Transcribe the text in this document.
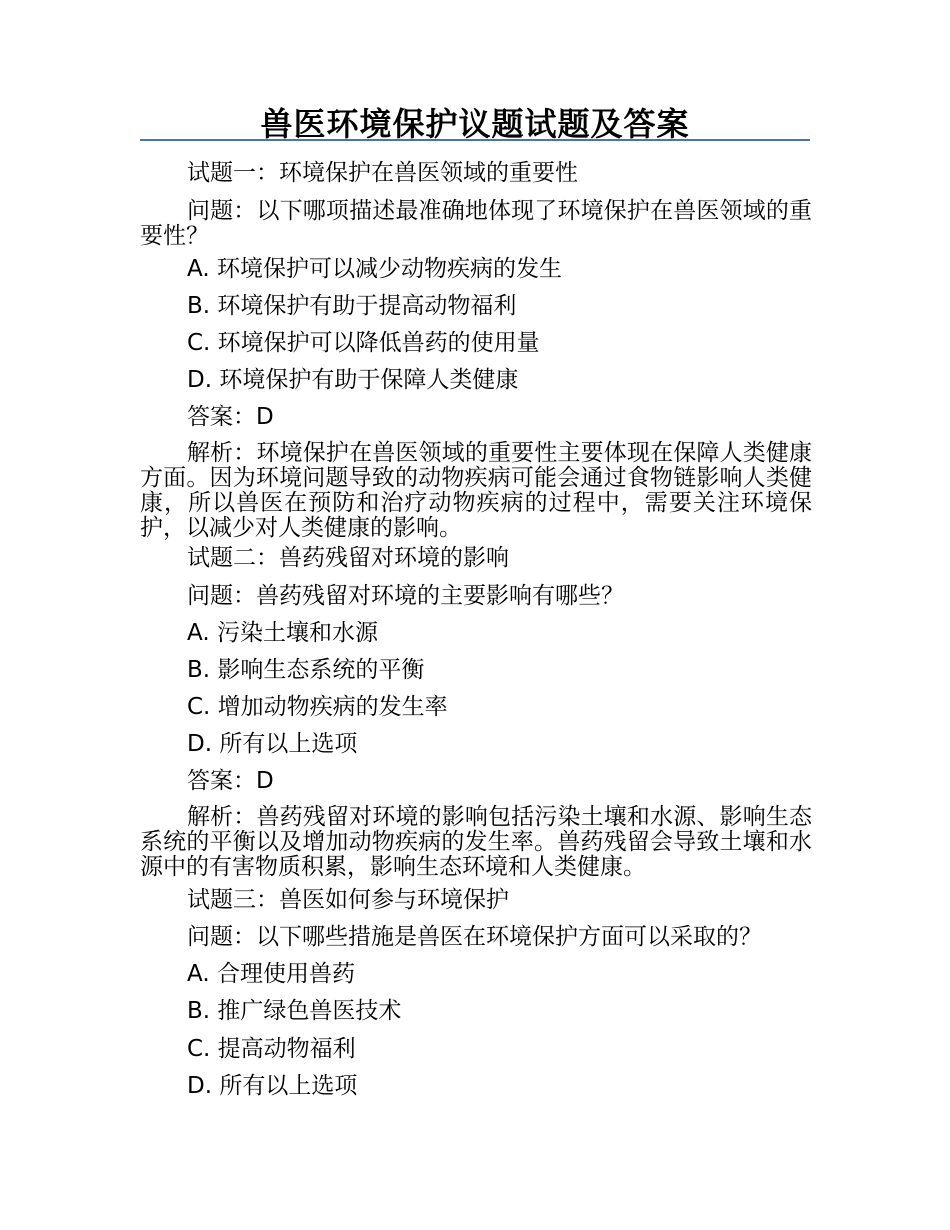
兽医环境保护议题试题及答案
试题一：环境保护在兽医领域的重要性
问题：以下哪项描述最准确地体现了环境保护在兽医领域的重要性？
A. 环境保护可以减少动物疾病的发生
B. 环境保护有助于提高动物福利
C. 环境保护可以降低兽药的使用量
D. 环境保护有助于保障人类健康
答案：D
解析：环境保护在兽医领域的重要性主要体现在保障人类健康方面。因为环境问题导致的动物疾病可能会通过食物链影响人类健康，所以兽医在预防和治疗动物疾病的过程中，需要关注环境保护，以减少对人类健康的影响。
试题二：兽药残留对环境的影响
问题：兽药残留对环境的主要影响有哪些？
A. 污染土壤和水源
B. 影响生态系统的平衡
C. 增加动物疾病的发生率
D. 所有以上选项
答案：D
解析：兽药残留对环境的影响包括污染土壤和水源、影响生态系统的平衡以及增加动物疾病的发生率。兽药残留会导致土壤和水源中的有害物质积累，影响生态环境和人类健康。
试题三：兽医如何参与环境保护
问题：以下哪些措施是兽医在环境保护方面可以采取的？
A. 合理使用兽药
B. 推广绿色兽医技术
C. 提高动物福利
D. 所有以上选项
